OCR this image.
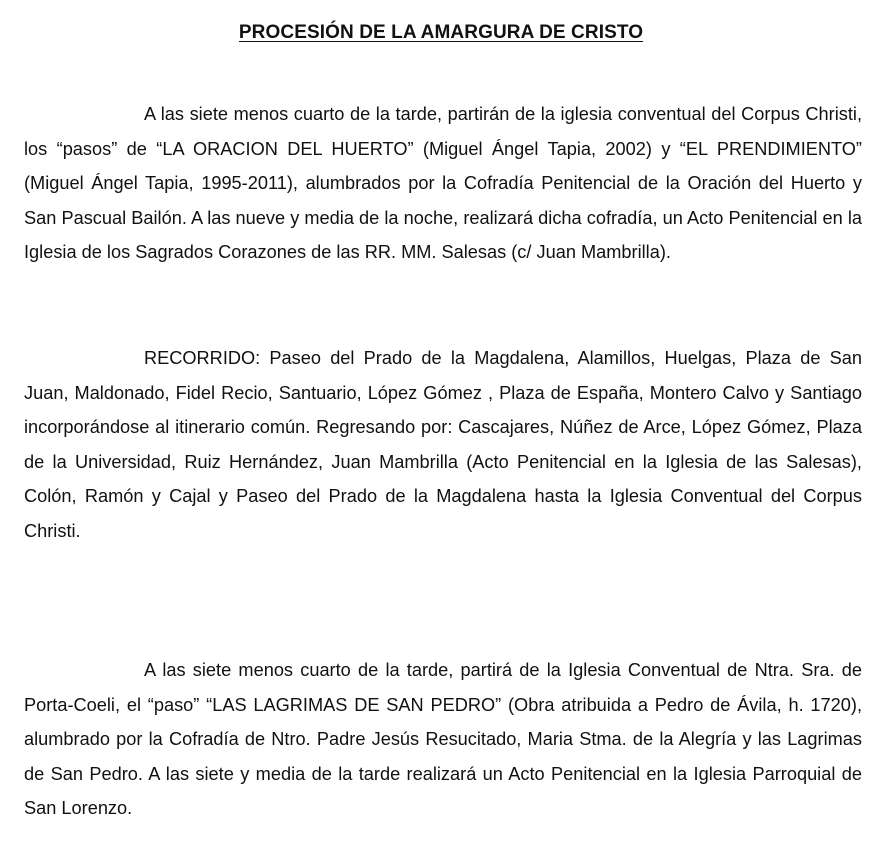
PROCESIÓN DE LA AMARGURA DE CRISTO

A las siete menos cuarto de la tarde, partirán de la iglesia conventual del Corpus Christi, los “pasos” de “LA ORACION DEL HUERTO” (Miguel Ángel Tapia, 2002) y “EL PRENDIMIENTO” (Miguel Ángel Tapia, 1995-2011), alumbrados por la Cofradía Penitencial de la Oración del Huerto y San Pascual Bailón. A las nueve y media de la noche, realizará dicha cofradía, un Acto Penitencial en la Iglesia de los Sagrados Corazones de las RR. MM. Salesas (c/ Juan Mambrilla).

RECORRIDO: Paseo del Prado de la Magdalena, Alamillos, Huelgas, Plaza de San Juan, Maldonado, Fidel Recio, Santuario, López Gómez , Plaza de España, Montero Calvo y Santiago incorporándose al itinerario común. Regresando por: Cascajares, Núñez de Arce, López Gómez, Plaza de la Universidad, Ruiz Hernández, Juan Mambrilla (Acto Penitencial en la Iglesia de las Salesas), Colón, Ramón y Cajal y Paseo del Prado de la Magdalena hasta la Iglesia Conventual del Corpus Christi.

A las siete menos cuarto de la tarde, partirá de la Iglesia Conventual de Ntra. Sra. de Porta-Coeli, el “paso” “LAS LAGRIMAS DE SAN PEDRO” (Obra atribuida a Pedro de Ávila, h. 1720), alumbrado por la Cofradía de Ntro. Padre Jesús Resucitado, Maria Stma. de la Alegría y las Lagrimas de San Pedro. A las siete y media de la tarde realizará un Acto Penitencial en la Iglesia Parroquial de San Lorenzo.
